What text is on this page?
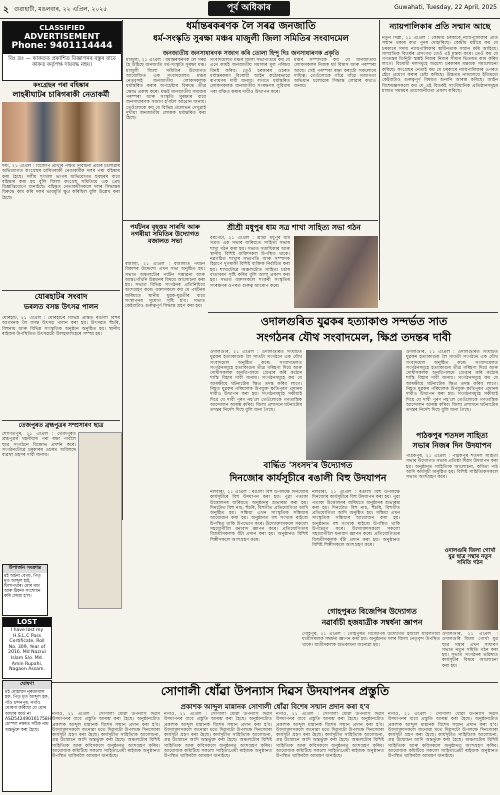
২ গুৱাহাটী, মঙলবাৰ, ২২ এপ্ৰিল, ২০২৫	পূৰ্ব অধিকাৰ	Guwahati, Tuesday, 22 April, 2025
CLASSIFIED
ADVERTISEMENT
Phone: 9401114444
বিঃ দ্ৰঃ — কাকতত প্ৰকাশিত বিজ্ঞাপনৰ বস্তুৰ বাবে কাকত কৰ্তৃপক্ষ দায়বদ্ধ নহয়।
কংগ্ৰেছৰ পৰা বহিষ্কাৰ
লাহৰীঘাটৰ চাৰিগৰাকী নেতাকৰ্মী
দৰং, ২১ এপ্ৰিল : বিজেপি প্ৰাৰ্থীৰ পক্ষত নিৰ্বাচনী প্ৰচাৰ চলোৱাৰ অভিযোগত কংগ্ৰেছৰ চাৰিগৰাকী নেতাকৰ্মীক দলৰ পৰা বহিষ্কাৰ কৰা হৈছে। দলীয় শৃংখলা ভংগৰ অভিযোগত ছবছৰৰ বাবে বহিষ্কাৰ কৰা হয় বুলি জিলা কংগ্ৰেছ সমিতিয়ে এক প্ৰেছ বিজ্ঞপ্তিযোগে জনাইছে। বহিষ্কৃত নেতাকৰ্মীসকলে দলৰ সিদ্ধান্তৰ বিৰুদ্ধে কাম কৰি দলৰ ভাবমূৰ্তি ক্ষুণ্ণ কৰিছিল বুলি উল্লেখ কৰা হৈছে।
যোৰহাটৰ সংবাদ
ভৰলত বসন্ত উৎসৱ পালন
যোৰহাট, ২১ এপ্ৰিল : যোৰহাটৰ বিভিন্ন প্ৰান্তত ৰঙালী বিহুৰ আগমনক লৈ বসন্ত উৎসৱ পালন কৰা হয়। উৎসৱত হুঁচৰি, বিহুনাম আৰু বিভিন্ন সাংস্কৃতিক অনুষ্ঠান অনুষ্ঠিত হয়। স্থানীয় ৰাইজৰ উপস্থিতিত উৎসৱটো উলহমালহেৰে সম্পন্ন হয়।
তেজপুৰত ব্ৰহ্মপুত্ৰৰ সম্প্ৰসাৰণ ছাত্ৰ
শোণিতপুৰ, ২১ এপ্ৰিল : তেজপুৰত ব্ৰহ্মপুত্ৰৰ খহনীয়াৰ পৰা ৰক্ষা পাবলৈ ছাত্ৰ সংগঠনে বিক্ষোভ প্ৰদৰ্শন কৰে। সংগঠনটোৱে চৰকাৰৰ ওচৰত অবিলম্বে ব্যৱস্থা গ্ৰহণৰ দাবী জনায়।
উপাৰ্জন সংক্ৰান্ত
মই অৰ্চনা বেগম, পিতৃ মৃত আব্দুল হাই, চিলাপথাৰ। মোৰ নাম আৰু ঠিকনা সংশোধন কৰি লোৱা হ'ল।
LOST
I have lost my H.S.L.C Pass Certificate, Roll No. 309, Year of 2016. Md Nazrul Islam S/o. Md. Amin Rupahi, Nagaon Assam.
ঘোষণা
মই মোহাম্মদ নূৰজামাল হক, পিতৃ মৃত আব্দুল হক, গাঁও চন্দনপুৰ, নগাঁও ঘোষণা কৰিছো যে মোৰ আধাৰ কাৰ্ড নং ASD542490161758H চেম্পল নম্বৰত সঠিক নাম অন্তৰ্ভুক্ত কৰা হৈছে।
ধৰ্মান্তৰকৰণক লৈ সৰৱ জনজাতি
ধৰ্ম-সংস্কৃতি সুৰক্ষা মঞ্চৰ মাজুলী জিলা সমিতিৰ সংবাদমেল
জনজাতীয় জনসাধাৰণক সজাগ কৰি তোলা হিন্দু দিঃ জনসাধাৰণক প্ৰকৃতি
মাজুলী, ২১ এপ্ৰিল : ধৰ্মান্তৰকৰণক লৈ সৰৱ হৈ উঠিছে জনজাতি ধৰ্ম-সংস্কৃতি সুৰক্ষা মঞ্চ। মাজুলী জিলা সমিতিৰ উদ্যোগত আয়োজিত এক সংবাদমেলত মঞ্চৰ নেতৃবৃন্দই জনজাতীয় লোকসকলক ধৰ্মান্তৰিত কৰাৰ অপচেষ্টাৰ বিৰুদ্ধে তীব্ৰ ক্ষোভ প্ৰকাশ কৰে। মঞ্চই জনজাতীয় সমাজৰ পৰম্পৰা আৰু সংস্কৃতি সুৰক্ষাৰ বাবে জনসাধাৰণক সজাগ হ'বলৈ আহ্বান জনায়। তেওঁলোকে কয় যে বিভিন্ন প্ৰলোভন দেখুৱাই দুখীয়া জনজাতীয় লোকক ধৰ্মান্তৰিত কৰা হৈছে।
সংবাদমেলত মঞ্চৰ জিলা সভাপতিয়ে কয় যে এনে কাৰ্যই জনজাতীয় সমাজৰ মূল পৰিচয় বিনষ্ট কৰিব। তেওঁ চৰকাৰৰ ওচৰত ধৰ্মান্তৰকৰণ বিৰোধী আইন কঠোৰভাৱে ৰূপায়ণৰ দাবী জনায়। লগতে ধৰ্মান্তৰিত লোকসকলক জনজাতীয় সংৰক্ষণৰ সুবিধাৰ পৰা বঞ্চিত কৰাৰ দাবীও উত্থাপন কৰে।
মঞ্চৰ সম্পাদকে কয় যে জনজাতীয় লোকসকলৰ নিজস্ব ধৰ্ম বিশ্বাস আৰু পৰম্পৰা আছে। সেই পৰম্পৰা ৰক্ষা কৰাটো সকলোৰে দায়িত্ব। তেওঁলোকে গাঁৱে গাঁৱে সজাগতা অভিযান চলোৱাৰ সিদ্ধান্ত লোৱাৰ কথাও জনায়।
ন্যায়পালিকাৰ প্ৰতি সন্মান আছে
নতুন দিল্লী, ২১ এপ্ৰিল : কেন্দ্ৰীয় চৰকাৰে ন্যায়পালিকাৰ প্ৰতি সন্মান থকাৰ কথা পুনৰ দোহাৰিছে। কেন্দ্ৰীয় মন্ত্ৰীয়ে কয় যে চৰকাৰে সদায় ন্যায়পালিকাৰ স্বাধীনতাক সন্মান কৰি আহিছে। সাম্প্ৰতিক বিতৰ্কৰ প্ৰসংগত তেওঁ এই মন্তব্য কৰে। তেওঁ কয় যে গণতন্ত্ৰৰ তিনিটা স্তম্ভই নিজৰ নিজৰ সীমাৰ ভিতৰত কাম কৰিব লাগে। বিৰোধী দলসমূহে অৱশ্যে চৰকাৰৰ মন্তব্যক সমালোচনা কৰিছে। কংগ্ৰেছৰ নেতাই কয় যে চৰকাৰে ন্যায়পালিকাৰ ওপৰত হেঁচা প্ৰয়োগ কৰাৰ চেষ্টা কৰিছে। উচ্চতম ন্যায়ালয়ে ইতিমধ্যে কেইবাটাও গুৰুত্বপূৰ্ণ বিষয়ত শুনানি আৰম্ভ কৰিছে। আইন বিশেষজ্ঞসকলে কয় যে এই বিতৰ্কই সাংবিধানিক প্ৰতিষ্ঠানসমূহৰ মাজত সমন্বয়ৰ প্ৰয়োজনীয়তা প্ৰকাশ কৰিছে।
পৰ্যটনৰ বৃহত্তম সাৰথি আৰু নগৰীয়া সমিতিৰ উদ্যোগত বজালত সভা
বজালী, ২১ এপ্ৰিল : বজালীত পৰ্যটন বিকাশৰ উদ্দেশ্যে এখন সভা অনুষ্ঠিত হয়। সভাত অঞ্চলটোৰ পৰ্যটন সম্ভাৱনা আৰু আন্তঃগাঁথনি উন্নয়নৰ বিষয়ে আলোচনা কৰা হয়। সভাত বিভিন্ন সংগঠনৰ প্ৰতিনিধিয়ে অংশগ্ৰহণ কৰে। বক্তাসকলে কয় যে পৰ্যটনৰ জৰিয়তে স্থানীয় যুৱক-যুৱতীৰ বাবে সংস্থাপনৰ সুযোগ সৃষ্টি হ'ব। সভাত কেইবাটাও গুৰুত্বপূৰ্ণ সিদ্ধান্ত গ্ৰহণ কৰা হয়।
শ্ৰীশ্ৰী মধুপুৰ ধাম সত্ৰ শাখা সাহিত্য সভা গঠন
বৰপেটা, ২১ এপ্ৰিল : শ্ৰীশ্ৰী মধুপুৰ ধাম সত্ৰত এক সভাৰ জৰিয়তে সাহিত্য সভাৰ শাখা গঠন কৰা হয়। সভাত সত্ৰাধিকাৰ আৰু স্থানীয় বিশিষ্ট ব্যক্তিসকল উপস্থিত থাকে। নৱগঠিত শাখাৰ সভাপতি আৰু সম্পাদক হিচাপে দুগৰাকী বিশিষ্ট ব্যক্তিক নিৰ্বাচিত কৰা হয়। শাখাটোৱে অঞ্চলটোত সাহিত্য চৰ্চাৰ বাতাবৰণ সৃষ্টি কৰিব বুলি আশা প্ৰকাশ কৰা হয়। সভাত বক্তাসকলে শংকৰী সংস্কৃতিৰ সংৰক্ষণৰ ওপৰত গুৰুত্ব আৰোপ কৰে।
ওদালগুৰিত যুৱকৰ হত্যাকাণ্ড সন্দৰ্ভত সাত
সংগঠনৰ যৌথ সংবাদমেল, ক্ষিপ্ৰ তদন্তৰ দাবী
ওদালগুৰি, ২১ এপ্ৰিল : ওদালগুৰিত সংঘটিত যুৱকৰ হত্যাকাণ্ডক লৈ সাতটা সংগঠনে এক যৌথ সংবাদমেল অনুষ্ঠিত কৰে। সংবাদমেলত সংগঠনসমূহে হত্যাকাণ্ডৰ তীব্ৰ গৰিহণা দিয়ে আৰু দোষীসকলক অনতিপলমে গ্ৰেপ্তাৰ কৰি কঠোৰ শাস্তি বিহাৰ দাবী জনায়। সংগঠনসমূহে কয় যে আৰক্ষীয়ে ঘটনাটোৰ ক্ষিপ্ৰ তদন্ত কৰিব লাগে। নিহত যুৱকৰ পৰিয়ালক উপযুক্ত ক্ষতিপূৰণ প্ৰদানৰ দাবীও উত্থাপন কৰা হয়। সংগঠনসমূহে সকীয়াই দিয়ে যে দাবী পূৰণ নহ'লে তেওঁলোকে গণতান্ত্ৰিক আন্দোলন আৰম্ভ কৰিব। জিলা প্ৰশাসনে ঘটনাটোৰ তদন্তৰ নিৰ্দেশ দিছে বুলি জনা গৈছে।
ওদালগুৰি, ২১ এপ্ৰিল : ওদালগুৰিত সংঘটিত যুৱকৰ হত্যাকাণ্ডক লৈ সাতটা সংগঠনে এক যৌথ সংবাদমেল অনুষ্ঠিত কৰে। সংবাদমেলত সংগঠনসমূহে হত্যাকাণ্ডৰ তীব্ৰ গৰিহণা দিয়ে আৰু দোষীসকলক অনতিপলমে গ্ৰেপ্তাৰ কৰি কঠোৰ শাস্তি বিহাৰ দাবী জনায়। সংগঠনসমূহে কয় যে আৰক্ষীয়ে ঘটনাটোৰ ক্ষিপ্ৰ তদন্ত কৰিব লাগে। নিহত যুৱকৰ পৰিয়ালক উপযুক্ত ক্ষতিপূৰণ প্ৰদানৰ দাবীও উত্থাপন কৰা হয়। সংগঠনসমূহে সকীয়াই দিয়ে যে দাবী পূৰণ নহ'লে তেওঁলোকে গণতান্ত্ৰিক আন্দোলন আৰম্ভ কৰিব। জিলা প্ৰশাসনে ঘটনাটোৰ তদন্তৰ নিৰ্দেশ দিছে বুলি জনা গৈছে।
বাৰ্দ্ধিত 'সংসদ'ৰ উদ্যোগত
দিনজোৰ কাৰ্যসূচীৰে ৰঙালী বিহু উদযাপন
নলবাৰী, ২১ এপ্ৰিল : ৰঙালী বিহু উপলক্ষে দিনজোৰ কাৰ্যসূচীৰে বিহু উদযাপন কৰা হয়। পুৱা পতাকা উত্তোলনৰ জৰিয়তে অনুষ্ঠানৰ শুভাৰম্ভ কৰা হয়। দিনটোত বিহু নাচ, হুঁচৰি, বিহুগীত প্ৰতিযোগিতা আদি অনুষ্ঠিত হয়। সন্ধিয়া এখন সাংস্কৃতিক সন্ধিয়াৰ আয়োজন কৰা হয়। অনুষ্ঠানত বহু সংখ্যক ৰাইজে উপস্থিত থাকি উপভোগ কৰে। উদ্যোক্তাসকলে সকলো সহযোগীলৈ ধন্যবাদ জ্ঞাপন কৰে। প্ৰতিযোগিতাৰ বিজয়ীসকলক বঁটা প্ৰদান কৰা হয়। অনুষ্ঠানত বিশিষ্ট শিল্পীসকলে অংশগ্ৰহণ কৰে।
নলবাৰী, ২১ এপ্ৰিল : ৰঙালী বিহু উপলক্ষে দিনজোৰ কাৰ্যসূচীৰে বিহু উদযাপন কৰা হয়। পুৱা পতাকা উত্তোলনৰ জৰিয়তে অনুষ্ঠানৰ শুভাৰম্ভ কৰা হয়। দিনটোত বিহু নাচ, হুঁচৰি, বিহুগীত প্ৰতিযোগিতা আদি অনুষ্ঠিত হয়। সন্ধিয়া এখন সাংস্কৃতিক সন্ধিয়াৰ আয়োজন কৰা হয়। অনুষ্ঠানত বহু সংখ্যক ৰাইজে উপস্থিত থাকি উপভোগ কৰে। উদ্যোক্তাসকলে সকলো সহযোগীলৈ ধন্যবাদ জ্ঞাপন কৰে। প্ৰতিযোগিতাৰ বিজয়ীসকলক বঁটা প্ৰদান কৰা হয়। অনুষ্ঠানত বিশিষ্ট শিল্পীসকলে অংশগ্ৰহণ কৰে।
পাঠকপুৰ শতদল সাহিত্য
সভাৰ নিজৰ দিন উদযাপন
পাঠকপুৰ, ২১ এপ্ৰিল : পাঠকপুৰ শতদল সাহিত্য সভাৰ উদ্যোগত সভাৰ প্ৰতিষ্ঠা দিৱস উদযাপন কৰা হয়। অনুষ্ঠানত সাহিত্যিক আলোচনা, কবিতা পাঠ আদি কাৰ্যসূচী অনুষ্ঠিত হয়। বিশিষ্ট সাহিত্যিকসকলে সভাত অংশগ্ৰহণ কৰে।
ওদালগুৰি জিলা গোৰ্খা যুৱ ছাত্ৰ সন্থাৰ নতুন সমিতি গঠন
ওদালগুৰি, ২১ এপ্ৰিল : ওদালগুৰি জিলা গোৰ্খা যুৱ ছাত্ৰ সন্থাৰ এখন সাধাৰণ সভাত নতুন সমিতি গঠন কৰা হয়। সভাত সংগঠনৰ ভৱিষ্যত কাৰ্যসূচীৰ বিষয়ে আলোচনা কৰা হয়।
গোহপুৰত বিজেপিৰ উদ্যোগত
নৱাৰ্বাচী হজযাত্ৰীক সম্বৰ্ধনা জ্ঞাপন
গোহপুৰ, ২১ এপ্ৰিল : গোহপুৰত বিজেপিৰ উদ্যোগত হজলৈ যাবলগীয়া যাত্ৰীসকলক সম্বৰ্ধনা জ্ঞাপন কৰা হয়। অনুষ্ঠানত দলৰ জিলা নেতৃবৃন্দ উপস্থিত থাকে। যাত্ৰীসকলক শুভকামনা জনোৱা হয়।
সোণালী ধোঁৱা উপন্যাস দিৱস উদযাপনৰ প্ৰস্তুতি
প্ৰকাশক আব্দুল মান্নানক সোণালী ধোঁৱা বিশেষ সন্মান প্ৰদান কৰা হ'ব
নগাঁও, ২১ এপ্ৰিল : সোণালী ধোঁৱা উপন্যাস দিৱস উদযাপনৰ বাবে প্ৰস্তুতি আৰম্ভ কৰা হৈছে। অনুষ্ঠানটোত প্ৰকাশক আব্দুল মান্নানক বিশেষ সন্মান প্ৰদান কৰা হ'ব। উদ্যোক্তাসকলে জনোৱা মতে দিৱসটো উপলক্ষে দিনজোৰা কাৰ্যসূচী গ্ৰহণ কৰা হৈছে। কাৰ্যসূচীত সাহিত্যিক আলোচনা, গ্ৰন্থ উন্মোচন আদি অন্তৰ্ভুক্ত কৰা হৈছে। অঞ্চলটোৰ বিশিষ্ট সাহিত্যিক আৰু কবিসকলে অনুষ্ঠানত অংশগ্ৰহণ কৰিব। আয়োজক কমিটিয়ে সকলো সাহিত্যপ্ৰেমী ৰাইজক অনুষ্ঠানত উপস্থিত থাকিবলৈ আমন্ত্ৰণ জনাইছে।
নগাঁও, ২১ এপ্ৰিল : সোণালী ধোঁৱা উপন্যাস দিৱস উদযাপনৰ বাবে প্ৰস্তুতি আৰম্ভ কৰা হৈছে। অনুষ্ঠানটোত প্ৰকাশক আব্দুল মান্নানক বিশেষ সন্মান প্ৰদান কৰা হ'ব। উদ্যোক্তাসকলে জনোৱা মতে দিৱসটো উপলক্ষে দিনজোৰা কাৰ্যসূচী গ্ৰহণ কৰা হৈছে। কাৰ্যসূচীত সাহিত্যিক আলোচনা, গ্ৰন্থ উন্মোচন আদি অন্তৰ্ভুক্ত কৰা হৈছে। অঞ্চলটোৰ বিশিষ্ট সাহিত্যিক আৰু কবিসকলে অনুষ্ঠানত অংশগ্ৰহণ কৰিব। আয়োজক কমিটিয়ে সকলো সাহিত্যপ্ৰেমী ৰাইজক অনুষ্ঠানত উপস্থিত থাকিবলৈ আমন্ত্ৰণ জনাইছে।
নগাঁও, ২১ এপ্ৰিল : সোণালী ধোঁৱা উপন্যাস দিৱস উদযাপনৰ বাবে প্ৰস্তুতি আৰম্ভ কৰা হৈছে। অনুষ্ঠানটোত প্ৰকাশক আব্দুল মান্নানক বিশেষ সন্মান প্ৰদান কৰা হ'ব। উদ্যোক্তাসকলে জনোৱা মতে দিৱসটো উপলক্ষে দিনজোৰা কাৰ্যসূচী গ্ৰহণ কৰা হৈছে। কাৰ্যসূচীত সাহিত্যিক আলোচনা, গ্ৰন্থ উন্মোচন আদি অন্তৰ্ভুক্ত কৰা হৈছে। অঞ্চলটোৰ বিশিষ্ট সাহিত্যিক আৰু কবিসকলে অনুষ্ঠানত অংশগ্ৰহণ কৰিব। আয়োজক কমিটিয়ে সকলো সাহিত্যপ্ৰেমী ৰাইজক অনুষ্ঠানত উপস্থিত থাকিবলৈ আমন্ত্ৰণ জনাইছে।
নগাঁও, ২১ এপ্ৰিল : সোণালী ধোঁৱা উপন্যাস দিৱস উদযাপনৰ বাবে প্ৰস্তুতি আৰম্ভ কৰা হৈছে। অনুষ্ঠানটোত প্ৰকাশক আব্দুল মান্নানক বিশেষ সন্মান প্ৰদান কৰা হ'ব। উদ্যোক্তাসকলে জনোৱা মতে দিৱসটো উপলক্ষে দিনজোৰা কাৰ্যসূচী গ্ৰহণ কৰা হৈছে। কাৰ্যসূচীত সাহিত্যিক আলোচনা, গ্ৰন্থ উন্মোচন আদি অন্তৰ্ভুক্ত কৰা হৈছে। অঞ্চলটোৰ বিশিষ্ট সাহিত্যিক আৰু কবিসকলে অনুষ্ঠানত অংশগ্ৰহণ কৰিব। আয়োজক কমিটিয়ে সকলো সাহিত্যপ্ৰেমী ৰাইজক অনুষ্ঠানত উপস্থিত থাকিবলৈ আমন্ত্ৰণ জনাইছে।
